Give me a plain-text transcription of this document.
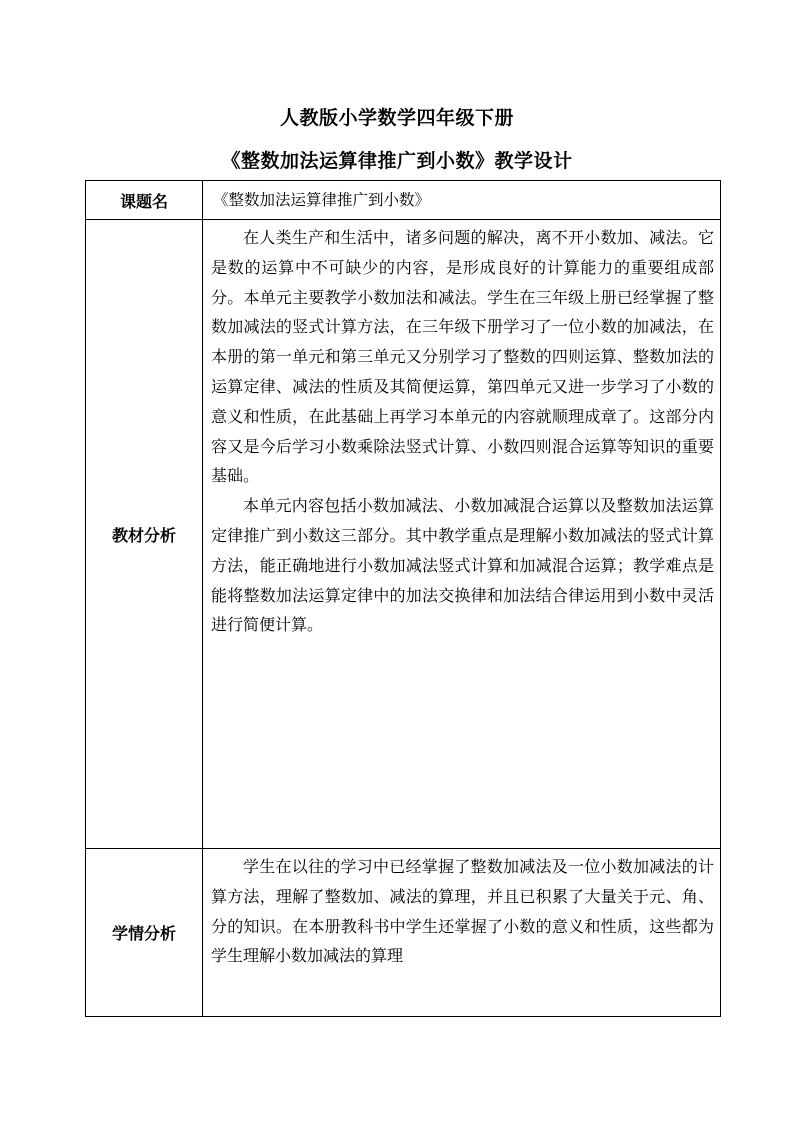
人教版小学数学四年级下册
《整数加法运算律推广到小数》教学设计
课题名	《整数加法运算律推广到小数》
教材分析	在人类生产和生活中，诸多问题的解决，离不开小数加、减法。它是数的运算中不可缺少的内容，是形成良好的计算能力的重要组成部分。本单元主要教学小数加法和减法。学生在三年级上册已经掌握了整数加减法的竖式计算方法，在三年级下册学习了一位小数的加减法，在本册的第一单元和第三单元又分别学习了整数的四则运算、整数加法的运算定律、减法的性质及其简便运算，第四单元又进一步学习了小数的意义和性质，在此基础上再学习本单元的内容就顺理成章了。这部分内容又是今后学习小数乘除法竖式计算、小数四则混合运算等知识的重要基础。

本单元内容包括小数加减法、小数加减混合运算以及整数加法运算定律推广到小数这三部分。其中教学重点是理解小数加减法的竖式计算方法，能正确地进行小数加减法竖式计算和加减混合运算；教学难点是能将整数加法运算定律中的加法交换律和加法结合律运用到小数中灵活进行简便计算。

学情分析	学生在以往的学习中已经掌握了整数加减法及一位小数加减法的计算方法，理解了整数加、减法的算理，并且已积累了大量关于元、角、分的知识。在本册教科书中学生还掌握了小数的意义和性质，这些都为学生理解小数加减法的算理
